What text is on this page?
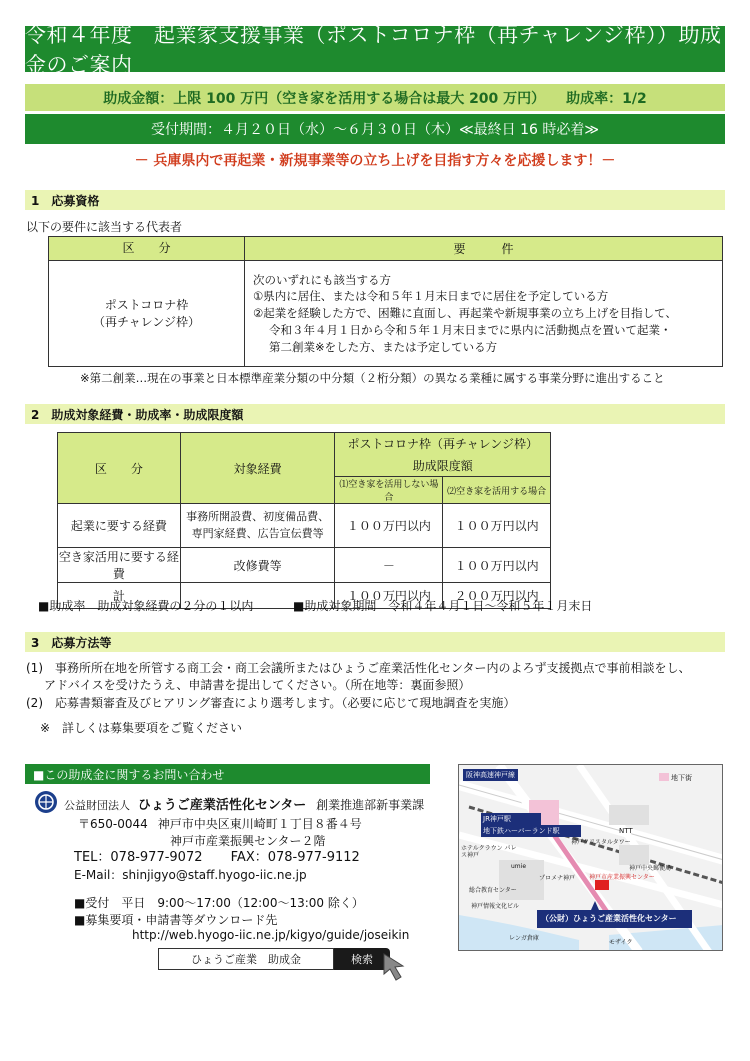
令和４年度　起業家支援事業（ポストコロナ枠（再チャレンジ枠））助成金のご案内
助成金額：上限 100 万円（空き家を活用する場合は最大 200 万円）　　助成率：1/2
受付期間：４月２０日（水）～６月３０日（木）≪最終日 16 時必着≫
－ 兵庫県内で再起業・新規事業等の立ち上げを目指す方々を応援します！－
1　応募資格
以下の要件に該当する代表者
区　　分	要　　　件

ポストコロナ枠
（再チャレンジ枠）	次のいずれにも該当する方
①県内に居住、または令和５年１月末日までに居住を予定している方
②起業を経験した方で、困難に直面し、再起業や新規事業の立ち上げを目指して、
令和３年４月１日から令和５年１月末日までに県内に活動拠点を置いて起業・
第二創業※をした方、または予定している方
※第二創業…現在の事業と日本標準産業分類の中分類（２桁分類）の異なる業種に属する事業分野に進出すること
2　助成対象経費・助成率・助成限度額
区　　分	対象経費	ポストコロナ枠（再チャレンジ枠）	
		助成限度額	
		⑴空き家を活用しない場合	⑵空き家を活用する場合
起業に要する経費	事務所開設費、初度備品費、
専門家経費、広告宣伝費等	１００万円以内	１００万円以内
空き家活用に要する経費	改修費等	－	１００万円以内
計		１００万円以内	２００万円以内
■助成率　助成対象経費の２分の１以内	■助成対象期間　令和４年４月１日～令和５年１月末日
3　応募方法等
(1)　事務所所在地を所管する商工会・商工会議所またはひょうご産業活性化センター内のよろず支援拠点で事前相談をし、
アドバイスを受けたうえ、申請書を提出してください。（所在地等：裏面参照）
(2)　応募書類審査及びヒアリング審査により選考します。（必要に応じて現地調査を実施）
※　詳しくは募集要項をご覧ください
■この助成金に関するお問い合わせ
公益財団法人 ひょうご産業活性化センター 創業推進部新事業課
〒650-0044 神戸市中央区東川崎町１丁目８番４号
神戸市産業振興センター２階
TEL：078-977-9072 FAX：078-977-9112
E-Mail：shinjigyo@staff.hyogo-iic.ne.jp
■受付　平日　9:00～17:00（12:00～13:00 除く）
■募集要項・申請書等ダウンロード先
http://web.hyogo-iic.ne.jp/kigyo/guide/joseikin
ひょうご産業　助成金	検索
阪神高速神戸線	地下街
JR神戸駅
地下鉄ハーバーランド駅	NTT
ホテルクラウン パレス神戸
神戸クリスタルタワー
神戸中央郵便局
プロメナ神戸
総合教育センター
神戸情報文化ビル
umie
神戸市産業振興センター
（公財）ひょうご産業活性化センター
レンガ倉庫
モザイク
